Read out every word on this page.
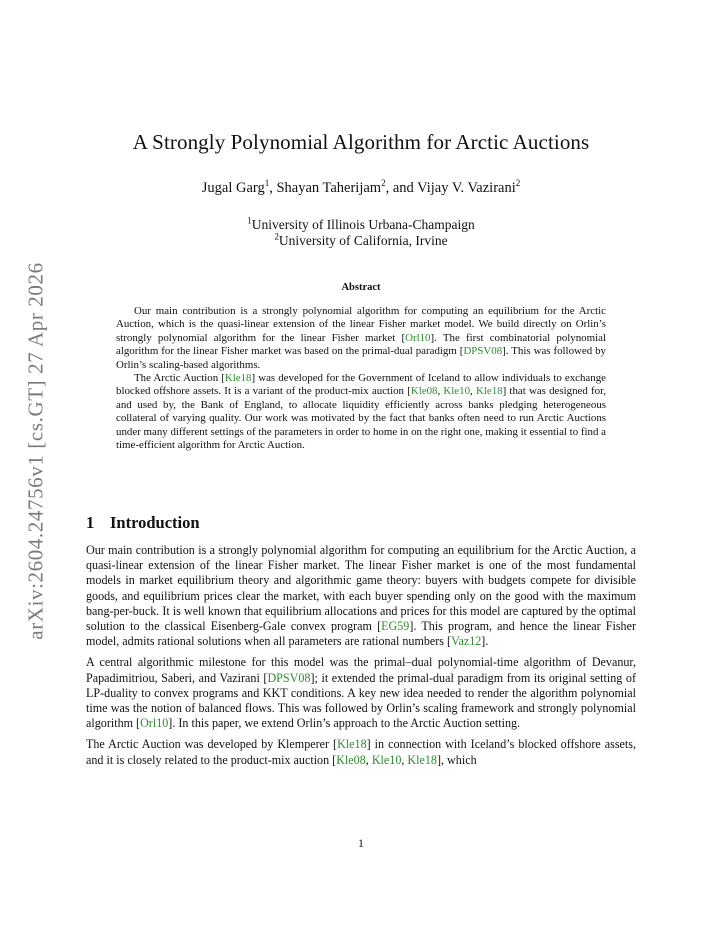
arXiv:2604.24756v1 [cs.GT] 27 Apr 2026
A Strongly Polynomial Algorithm for Arctic Auctions
Jugal Garg$^1$, Shayan Taherijam$^2$, and Vijay V. Vazirani$^2$
$^1$University of Illinois Urbana-Champaign
$^2$University of California, Irvine
Abstract

Our main contribution is a strongly polynomial algorithm for computing an equilibrium for the Arctic Auction, which is the quasi-linear extension of the linear Fisher market model. We build directly on Orlin’s strongly polynomial algorithm for the linear Fisher market [Orl10]. The first combinatorial polynomial algorithm for the linear Fisher market was based on the primal-dual paradigm [DPSV08]. This was followed by Orlin’s scaling-based algorithms.

The Arctic Auction [Kle18] was developed for the Government of Iceland to allow individuals to exchange blocked offshore assets. It is a variant of the product-mix auction [Kle08, Kle10, Kle18] that was designed for, and used by, the Bank of England, to allocate liquidity efficiently across banks pledging heterogeneous collateral of varying quality. Our work was motivated by the fact that banks often need to run Arctic Auctions under many different settings of the parameters in order to home in on the right one, making it essential to find a time-efficient algorithm for Arctic Auction.

1 Introduction

Our main contribution is a strongly polynomial algorithm for computing an equilibrium for the Arctic Auction, a quasi-linear extension of the linear Fisher market. The linear Fisher market is one of the most fundamental models in market equilibrium theory and algorithmic game theory: buyers with budgets compete for divisible goods, and equilibrium prices clear the market, with each buyer spending only on the good with the maximum bang-per-buck. It is well known that equilibrium allocations and prices for this model are captured by the optimal solution to the classical Eisenberg-Gale convex program [EG59]. This program, and hence the linear Fisher model, admits rational solutions when all parameters are rational numbers [Vaz12].

A central algorithmic milestone for this model was the primal–dual polynomial-time algorithm of Devanur, Papadimitriou, Saberi, and Vazirani [DPSV08]; it extended the primal-dual paradigm from its original setting of LP-duality to convex programs and KKT conditions. A key new idea needed to render the algorithm polynomial time was the notion of balanced flows. This was followed by Orlin’s scaling framework and strongly polynomial algorithm [Orl10]. In this paper, we extend Orlin’s approach to the Arctic Auction setting.

The Arctic Auction was developed by Klemperer [Kle18] in connection with Iceland’s blocked offshore assets, and it is closely related to the product-mix auction [Kle08, Kle10, Kle18], which

1
